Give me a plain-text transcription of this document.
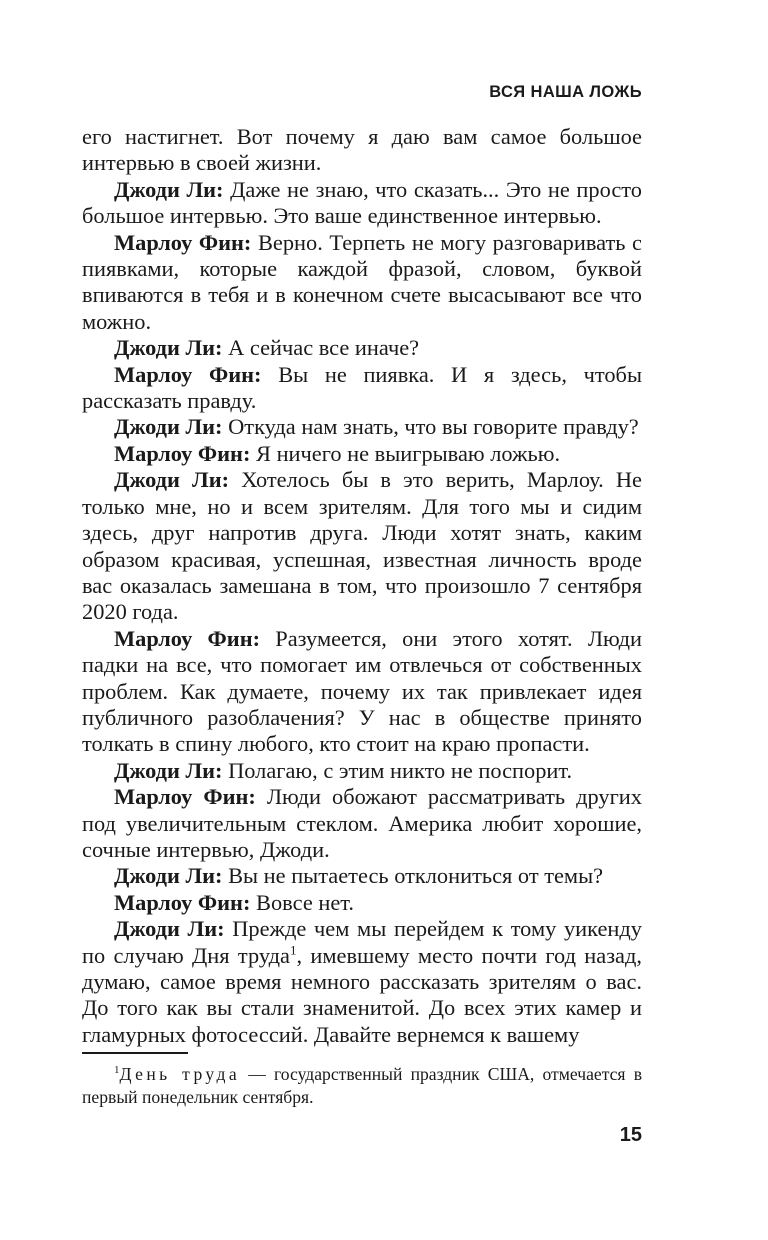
ВСЯ НАША ЛОЖЬ

его настигнет. Вот почему я даю вам самое большое интервью в своей жизни.

Джоди Ли: Даже не знаю, что сказать... Это не просто большое интервью. Это ваше единственное интервью.

Марлоу Фин: Верно. Терпеть не могу разговаривать с пиявками, которые каждой фразой, словом, буквой впиваются в тебя и в конечном счете высасывают все что можно.

Джоди Ли: А сейчас все иначе?

Марлоу Фин: Вы не пиявка. И я здесь, чтобы рассказать правду.

Джоди Ли: Откуда нам знать, что вы говорите правду?

Марлоу Фин: Я ничего не выигрываю ложью.

Джоди Ли: Хотелось бы в это верить, Марлоу. Не только мне, но и всем зрителям. Для того мы и сидим здесь, друг напротив друга. Люди хотят знать, каким образом красивая, успешная, известная личность вроде вас оказалась замешана в том, что произошло 7 сентября 2020 года.

Марлоу Фин: Разумеется, они этого хотят. Люди падки на все, что помогает им отвлечься от собственных проблем. Как думаете, почему их так привлекает идея публичного разоблачения? У нас в обществе принято толкать в спину любого, кто стоит на краю пропасти.

Джоди Ли: Полагаю, с этим никто не поспорит.

Марлоу Фин: Люди обожают рассматривать других под увеличительным стеклом. Америка любит хорошие, сочные интервью, Джоди.

Джоди Ли: Вы не пытаетесь отклониться от темы?

Марлоу Фин: Вовсе нет.

Джоди Ли: Прежде чем мы перейдем к тому уикенду по случаю Дня труда$^1$, имевшему место почти год назад, думаю, самое время немного рассказать зрителям о вас. До того как вы стали знаменитой. До всех этих камер и гламурных фотосессий. Давайте вернемся к вашему

$^1$День труда — государственный праздник США, отмечается в первый понедельник сентября.

15
